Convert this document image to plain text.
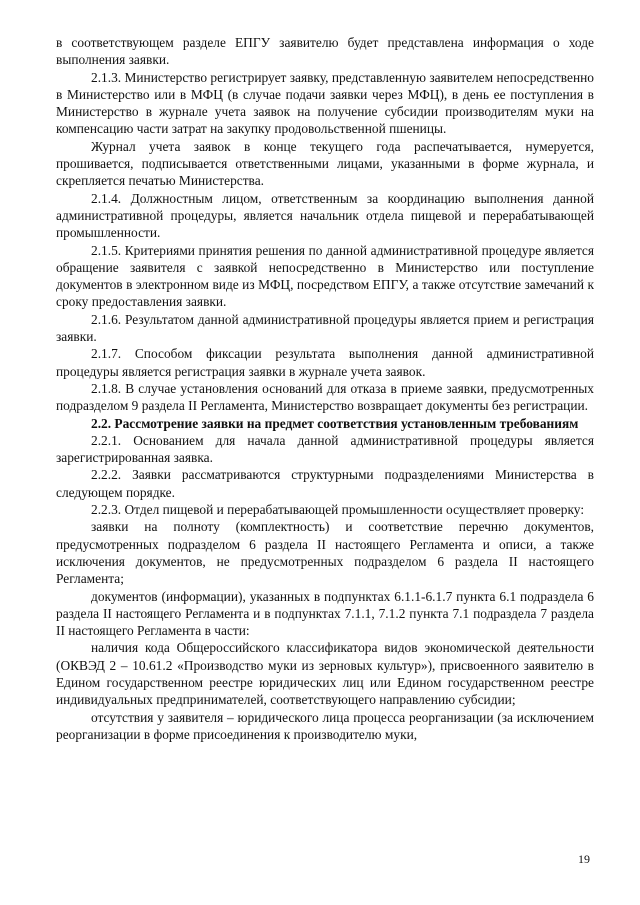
в соответствующем разделе ЕПГУ заявителю будет представлена информация о ходе выполнения заявки.

2.1.3. Министерство регистрирует заявку, представленную заявителем непосредственно в Министерство или в МФЦ (в случае подачи заявки через МФЦ), в день ее поступления в Министерство в журнале учета заявок на получение субсидии производителям муки на компенсацию части затрат на закупку продовольственной пшеницы.

Журнал учета заявок в конце текущего года распечатывается, нумеруется, прошивается, подписывается ответственными лицами, указанными в форме журнала, и скрепляется печатью Министерства.

2.1.4. Должностным лицом, ответственным за координацию выполнения данной административной процедуры, является начальник отдела пищевой и перерабатывающей промышленности.

2.1.5. Критериями принятия решения по данной административной процедуре является обращение заявителя с заявкой непосредственно в Министерство или поступление документов в электронном виде из МФЦ, посредством ЕПГУ, а также отсутствие замечаний к сроку предоставления заявки.

2.1.6. Результатом данной административной процедуры является прием и регистрация заявки.

2.1.7. Способом фиксации результата выполнения данной административной процедуры является регистрация заявки в журнале учета заявок.

2.1.8. В случае установления оснований для отказа в приеме заявки, предусмотренных подразделом 9 раздела II Регламента, Министерство возвращает документы без регистрации.

2.2. Рассмотрение заявки на предмет соответствия установленным требованиям

2.2.1. Основанием для начала данной административной процедуры является зарегистрированная заявка.

2.2.2. Заявки рассматриваются структурными подразделениями Министерства в следующем порядке.

2.2.3. Отдел пищевой и перерабатывающей промышленности осуществляет проверку:

заявки на полноту (комплектность) и соответствие перечню документов, предусмотренных подразделом 6 раздела II настоящего Регламента и описи, а также исключения документов, не предусмотренных подразделом 6 раздела II настоящего Регламента;

документов (информации), указанных в подпунктах 6.1.1-6.1.7 пункта 6.1 подраздела 6 раздела II настоящего Регламента и в подпунктах 7.1.1, 7.1.2 пункта 7.1 подраздела 7 раздела II настоящего Регламента в части:

наличия кода Общероссийского классификатора видов экономической деятельности (ОКВЭД 2 – 10.61.2 «Производство муки из зерновых культур»), присвоенного заявителю в Едином государственном реестре юридических лиц или Едином государственном реестре индивидуальных предпринимателей, соответствующего направлению субсидии;

отсутствия у заявителя – юридического лица процесса реорганизации (за исключением реорганизации в форме присоединения к производителю муки,

19
